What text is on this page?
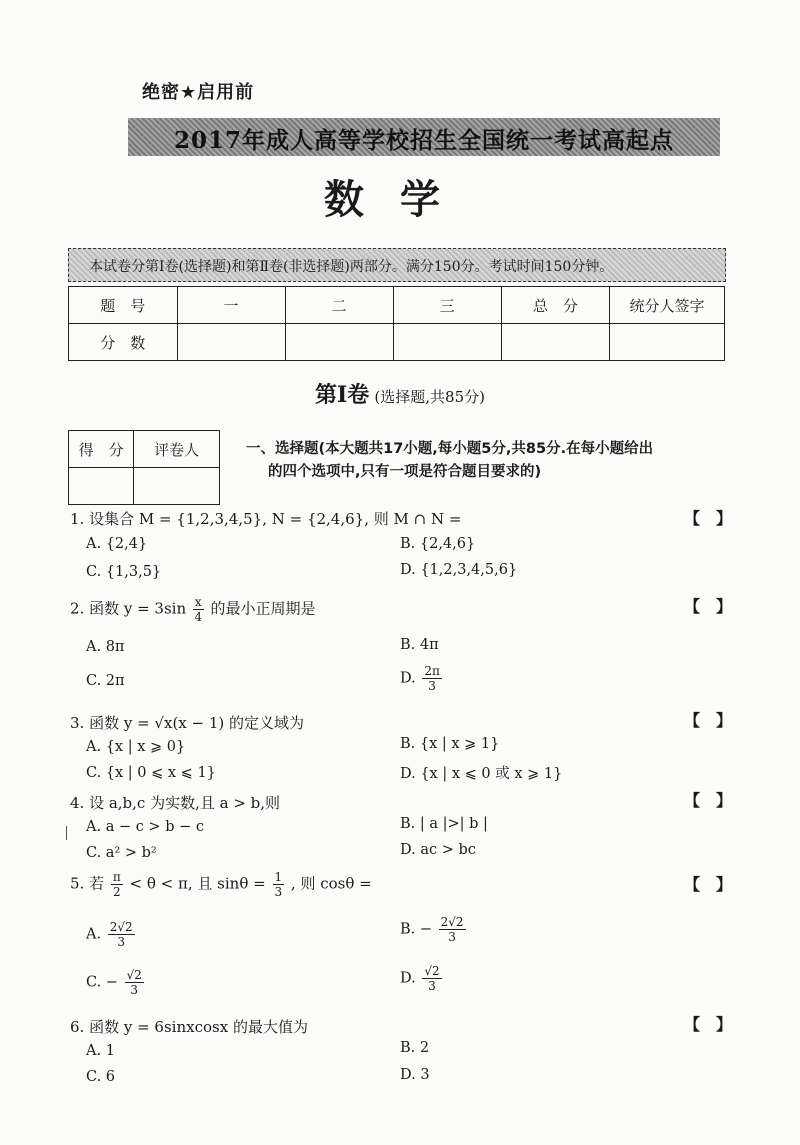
绝密★启用前
2017年成人高等学校招生全国统一考试高起点
数学
本试卷分第Ⅰ卷(选择题)和第Ⅱ卷(非选择题)两部分。满分150分。考试时间150分钟。
题　号	一	二	三	总　分	统分人签字
分　数					
第Ⅰ卷 (选择题,共85分)
得　分	评卷人
		一、选择题(本大题共17小题,每小题5分,共85分.在每小题给出
的四个选项中,只有一项是符合题目要求的)
1. 设集合 M = {1,2,3,4,5}, N = {2,4,6}, 则 M ∩ N =	【　】
A. {2,4}	B. {2,4,6}
C. {1,3,5}	D. {1,2,3,4,5,6}
2. 函数 $y = 3\sin \frac{x}{4}$ 的最小正周期是	【　】
A. 8π	B. 4π
C. 2π	D. $\frac{2\pi}{3}$
3. 函数 y = √x(x − 1) 的定义域为	【　】
A. {x | x ⩾ 0}	B. {x | x ⩾ 1}
C. {x | 0 ⩽ x ⩽ 1}	D. {x | x ⩽ 0 或 x ⩾ 1}
4. 设 a,b,c 为实数,且 a > b,则	【　】
A. a − c > b − c	B. | a |>| b |
C. a² > b²	D. ac > bc
5. 若 $\frac{\pi}{2} < \theta < \pi$, 且 $\sin\theta = \frac{1}{3}$ , 则 cosθ =	【　】
A. $\frac{2√2}{3}$	B. − $\frac{2√2}{3}$
C. − $\frac{√2}{3}$	D. $\frac{√2}{3}$
6. 函数 y = 6sinxcosx 的最大值为	【　】
A. 1	B. 2
C. 6	D. 3
